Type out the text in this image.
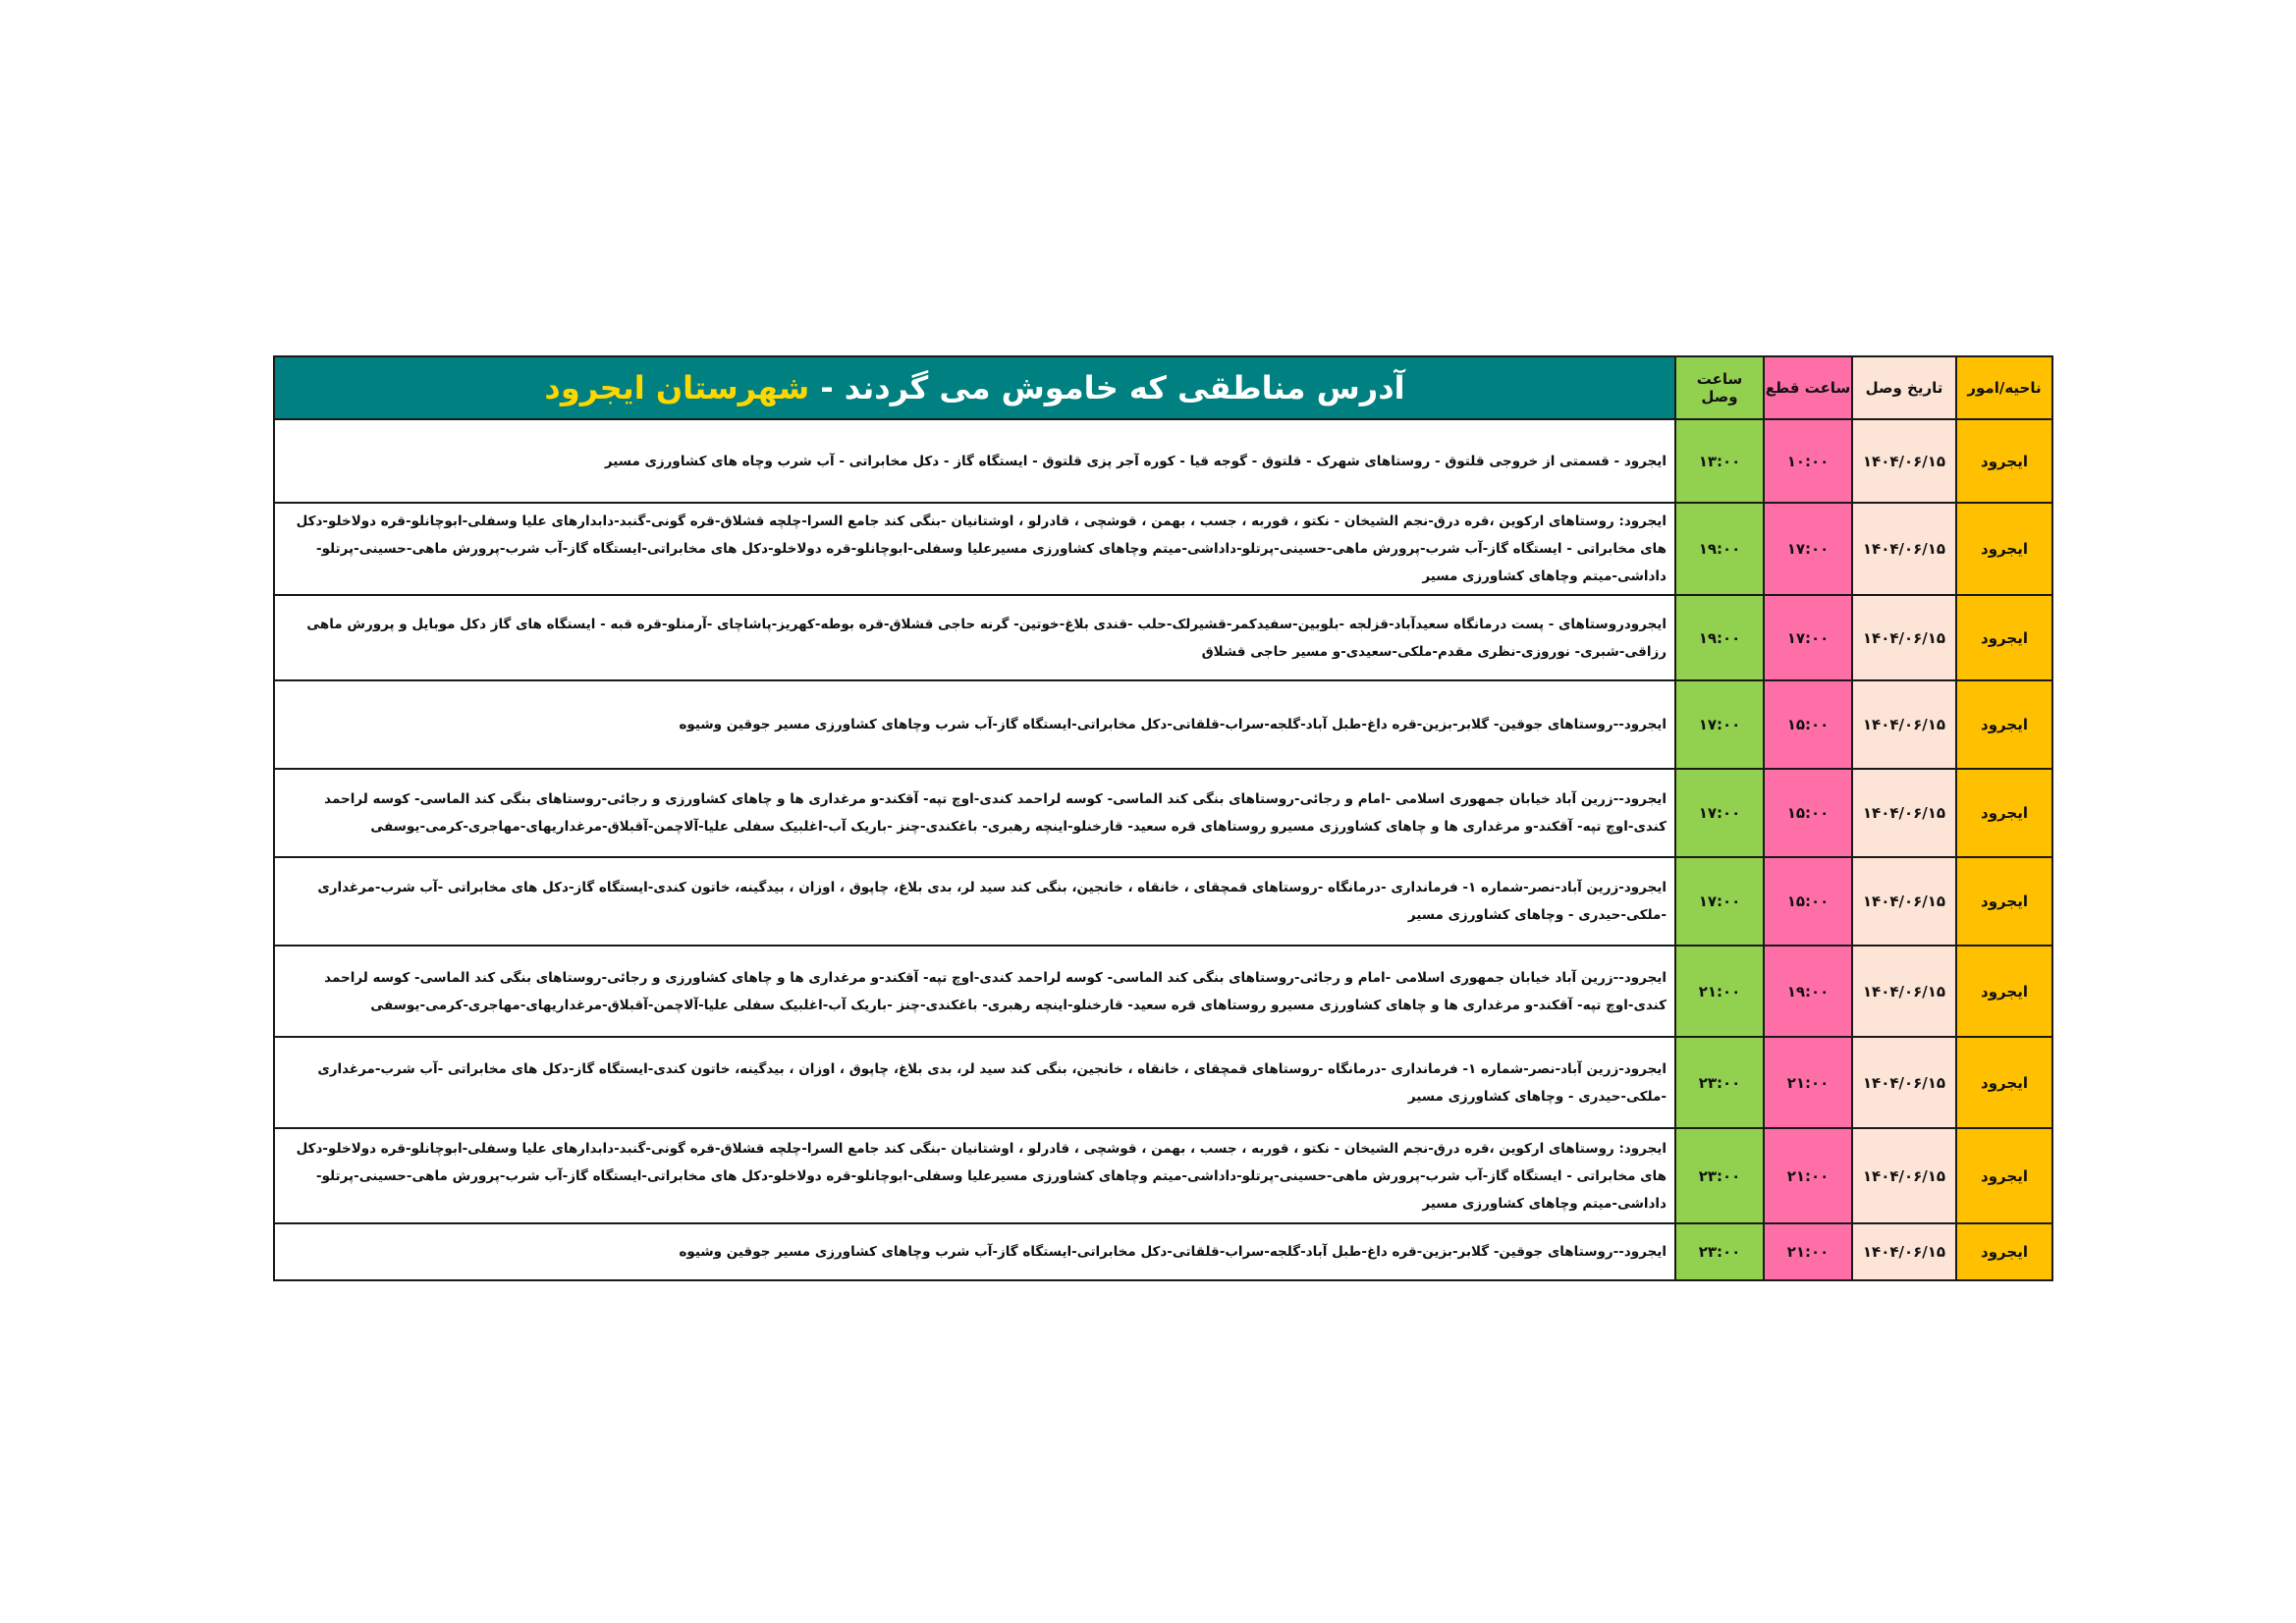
ناحیه/امور	تاریخ وصل	ساعت قطع	ساعت وصل	آدرس مناطقی که خاموش می گردند - شهرستان ایجرود
ایجرود	۱۴۰۴/۰۶/۱۵	۱۰:۰۰	۱۳:۰۰	ایجرود - قسمتی از خروجی قلتوق - روستاهای شهرک - قلتوق - گوجه قیا - کوره آجر پزی قلتوق - ایستگاه گاز - دکل مخابراتی - آب شرب وچاه های کشاورزی مسیر
ایجرود	۱۴۰۴/۰۶/۱۵	۱۷:۰۰	۱۹:۰۰	ایجرود: روستاهای ارکوین ،قره درق-نجم الشیخان - نکتو ، قوربه ، جسب ، بهمن ، قوشچی ، قادرلو ، اوشتانیان -بنگی کند جامع السرا-چلچه قشلاق-قره گونی-گنبد-دابدارهای علیا وسفلی-ابوچانلو-قره دولاخلو-دکل های مخابراتی - ایستگاه گاز-آب شرب-پرورش ماهی-حسینی-پرتلو-داداشی-میتم وچاهای کشاورزی مسیرعلیا وسفلی-ابوچانلو-قره دولاخلو-دکل های مخابراتی-ایستگاه گاز-آب شرب-پرورش ماهی-حسینی-پرتلو-داداشی-میتم وچاهای کشاورزی مسیر
ایجرود	۱۴۰۴/۰۶/۱۵	۱۷:۰۰	۱۹:۰۰	ایجرودروستاهای - پست درمانگاه سعیدآباد-قزلجه -بلوبین-سفیدکمر-قشیرلک-حلب -قندی بلاغ-خوتین- گرنه حاجی قشلاق-قره بوطه-کهریز-پاشاچای -آرمنلو-قره قبه - ایستگاه های گاز دکل موبایل و پرورش ماهی رزاقی-شبری- نوروزی-نظری مقدم-ملکی-سعیدی-و مسیر حاجی قشلاق
ایجرود	۱۴۰۴/۰۶/۱۵	۱۵:۰۰	۱۷:۰۰	ایجرود--روستاهای جوقین- گلابر-بزین-قره داغ-طبل آباد-گلجه-سراب-قلقاتی-دکل مخابراتی-ایستگاه گاز-آب شرب وچاهای کشاورزی مسیر جوقین وشیوه
ایجرود	۱۴۰۴/۰۶/۱۵	۱۵:۰۰	۱۷:۰۰	ایجرود--زرین آباد خیابان جمهوری اسلامی -امام و رجائی-روستاهای بنگی کند الماسی- کوسه لراحمد کندی-اوچ تپه- آقکند-و مرغداری ها و چاهای کشاورزی و رجائی-روستاهای بنگی کند الماسی- کوسه لراحمد کندی-اوچ تپه- آقکند-و مرغداری ها و چاهای کشاورزی مسیرو روستاهای قره سعید- قارخنلو-اینچه رهبری- باغکندی-چنز -باریک آب-اغلبیک سفلی علیا-آلاچمن-آقبلاق-مرغداریهای-مهاجری-کرمی-یوسفی
ایجرود	۱۴۰۴/۰۶/۱۵	۱۵:۰۰	۱۷:۰۰	ایجرود-زرین آباد-نصر-شماره ۱- فرمانداری -درمانگاه -روستاهای قمچقای ، خانقاه ، خانجین، بنگی کند سید لر، بدی بلاغ، چاپوق ، اوزان ، بیدگینه، خاتون کندی-ایستگاه گاز-دکل های مخابراتی -آب شرب-مرغداری -ملکی-حیدری - وچاهای کشاورزی مسیر
ایجرود	۱۴۰۴/۰۶/۱۵	۱۹:۰۰	۲۱:۰۰	ایجرود--زرین آباد خیابان جمهوری اسلامی -امام و رجائی-روستاهای بنگی کند الماسی- کوسه لراحمد کندی-اوچ تپه- آقکند-و مرغداری ها و چاهای کشاورزی و رجائی-روستاهای بنگی کند الماسی- کوسه لراحمد کندی-اوچ تپه- آقکند-و مرغداری ها و چاهای کشاورزی مسیرو روستاهای قره سعید- قارخنلو-اینچه رهبری- باغکندی-چنز -باریک آب-اغلبیک سفلی علیا-آلاچمن-آقبلاق-مرغداریهای-مهاجری-کرمی-یوسفی
ایجرود	۱۴۰۴/۰۶/۱۵	۲۱:۰۰	۲۳:۰۰	ایجرود-زرین آباد-نصر-شماره ۱- فرمانداری -درمانگاه -روستاهای قمچقای ، خانقاه ، خانجین، بنگی کند سید لر، بدی بلاغ، چاپوق ، اوزان ، بیدگینه، خاتون کندی-ایستگاه گاز-دکل های مخابراتی -آب شرب-مرغداری -ملکی-حیدری - وچاهای کشاورزی مسیر
ایجرود	۱۴۰۴/۰۶/۱۵	۲۱:۰۰	۲۳:۰۰	ایجرود: روستاهای ارکوین ،قره درق-نجم الشیخان - نکتو ، قوربه ، جسب ، بهمن ، قوشچی ، قادرلو ، اوشتانیان -بنگی کند جامع السرا-چلچه قشلاق-قره گونی-گنبد-دابدارهای علیا وسفلی-ابوچانلو-قره دولاخلو-دکل های مخابراتی - ایستگاه گاز-آب شرب-پرورش ماهی-حسینی-پرتلو-داداشی-میتم وچاهای کشاورزی مسیرعلیا وسفلی-ابوچانلو-قره دولاخلو-دکل های مخابراتی-ایستگاه گاز-آب شرب-پرورش ماهی-حسینی-پرتلو-داداشی-میتم وچاهای کشاورزی مسیر
ایجرود	۱۴۰۴/۰۶/۱۵	۲۱:۰۰	۲۳:۰۰	ایجرود--روستاهای جوقین- گلابر-بزین-قره داغ-طبل آباد-گلجه-سراب-قلقاتی-دکل مخابراتی-ایستگاه گاز-آب شرب وچاهای کشاورزی مسیر جوقین وشیوه
